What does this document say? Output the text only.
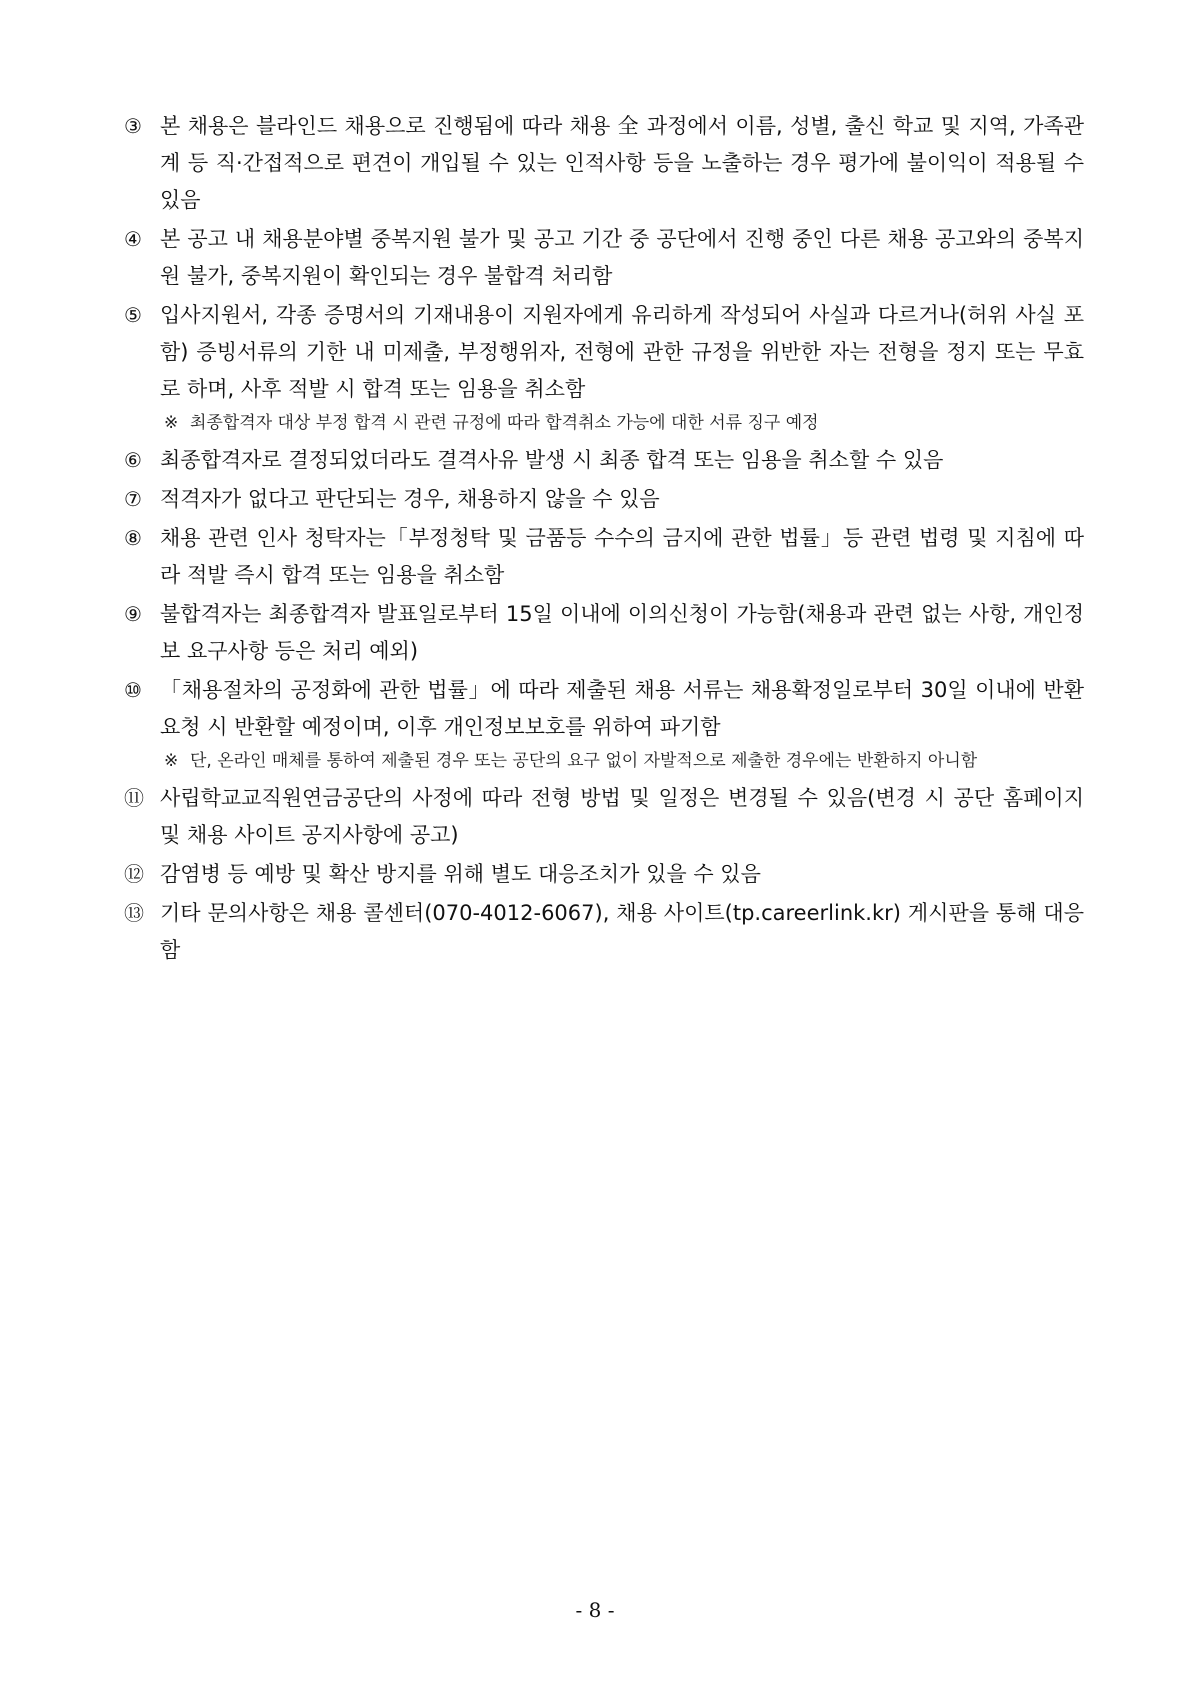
③ 본 채용은 블라인드 채용으로 진행됨에 따라 채용 全 과정에서 이름, 성별, 출신 학교 및 지역, 가족관계 등 직·간접적으로 편견이 개입될 수 있는 인적사항 등을 노출하는 경우 평가에 불이익이 적용될 수 있음
④ 본 공고 내 채용분야별 중복지원 불가 및 공고 기간 중 공단에서 진행 중인 다른 채용 공고와의 중복지원 불가, 중복지원이 확인되는 경우 불합격 처리함
⑤ 입사지원서, 각종 증명서의 기재내용이 지원자에게 유리하게 작성되어 사실과 다르거나(허위 사실 포함) 증빙서류의 기한 내 미제출, 부정행위자, 전형에 관한 규정을 위반한 자는 전형을 정지 또는 무효로 하며, 사후 적발 시 합격 또는 임용을 취소함
※ 최종합격자 대상 부정 합격 시 관련 규정에 따라 합격취소 가능에 대한 서류 징구 예정
⑥ 최종합격자로 결정되었더라도 결격사유 발생 시 최종 합격 또는 임용을 취소할 수 있음
⑦ 적격자가 없다고 판단되는 경우, 채용하지 않을 수 있음
⑧ 채용 관련 인사 청탁자는「부정청탁 및 금품등 수수의 금지에 관한 법률」등 관련 법령 및 지침에 따라 적발 즉시 합격 또는 임용을 취소함
⑨ 불합격자는 최종합격자 발표일로부터 15일 이내에 이의신청이 가능함(채용과 관련 없는 사항, 개인정보 요구사항 등은 처리 예외)
⑩ 「채용절차의 공정화에 관한 법률」에 따라 제출된 채용 서류는 채용확정일로부터 30일 이내에 반환 요청 시 반환할 예정이며, 이후 개인정보보호를 위하여 파기함
※ 단, 온라인 매체를 통하여 제출된 경우 또는 공단의 요구 없이 자발적으로 제출한 경우에는 반환하지 아니함
⑪ 사립학교교직원연금공단의 사정에 따라 전형 방법 및 일정은 변경될 수 있음(변경 시 공단 홈페이지 및 채용 사이트 공지사항에 공고)
⑫ 감염병 등 예방 및 확산 방지를 위해 별도 대응조치가 있을 수 있음
⑬ 기타 문의사항은 채용 콜센터(070-4012-6067), 채용 사이트(tp.careerlink.kr) 게시판을 통해 대응함
- 8 -
